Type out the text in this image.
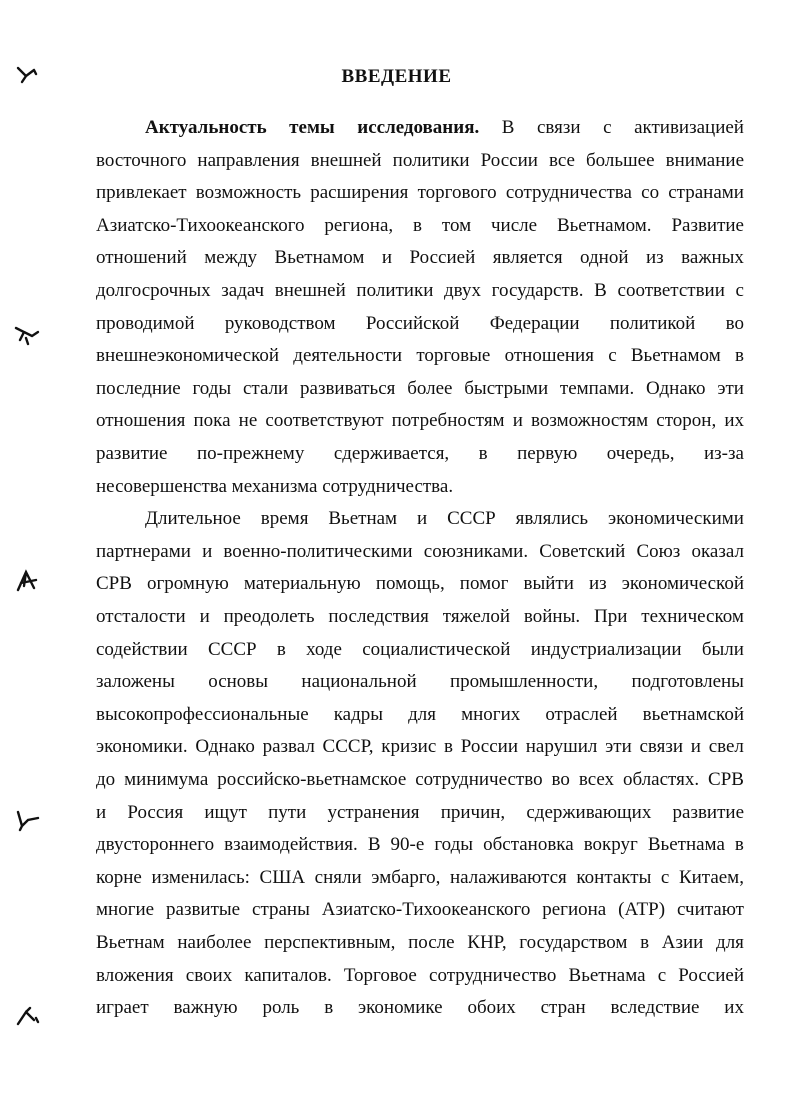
ВВЕДЕНИЕ
Актуальность темы исследования. В связи с активизацией
восточного направления внешней политики России все большее внимание
привлекает возможность расширения торгового сотрудничества со странами
Азиатско-Тихоокеанского региона, в том числе Вьетнамом. Развитие
отношений между Вьетнамом и Россией является одной из важных
долгосрочных задач внешней политики двух государств. В соответствии с
проводимой руководством Российской Федерации политикой во
внешнеэкономической деятельности торговые отношения с Вьетнамом в
последние годы стали развиваться более быстрыми темпами. Однако эти
отношения пока не соответствуют потребностям и возможностям сторон, их
развитие по-прежнему сдерживается, в первую очередь, из-за
несовершенства механизма сотрудничества.
Длительное время Вьетнам и СССР являлись экономическими
партнерами и военно-политическими союзниками. Советский Союз оказал
СРВ огромную материальную помощь, помог выйти из экономической
отсталости и преодолеть последствия тяжелой войны. При техническом
содействии СССР в ходе социалистической индустриализации были
заложены основы национальной промышленности, подготовлены
высокопрофессиональные кадры для многих отраслей вьетнамской
экономики. Однако развал СССР, кризис в России нарушил эти связи и свел
до минимума российско-вьетнамское сотрудничество во всех областях. СРВ
и Россия ищут пути устранения причин, сдерживающих развитие
двустороннего взаимодействия. В 90-е годы обстановка вокруг Вьетнама в
корне изменилась: США сняли эмбарго, налаживаются контакты с Китаем,
многие развитые страны Азиатско-Тихоокеанского региона (АТР) считают
Вьетнам наиболее перспективным, после КНР, государством в Азии для
вложения своих капиталов. Торговое сотрудничество Вьетнама с Россией
играет важную роль в экономике обоих стран вследствие их
